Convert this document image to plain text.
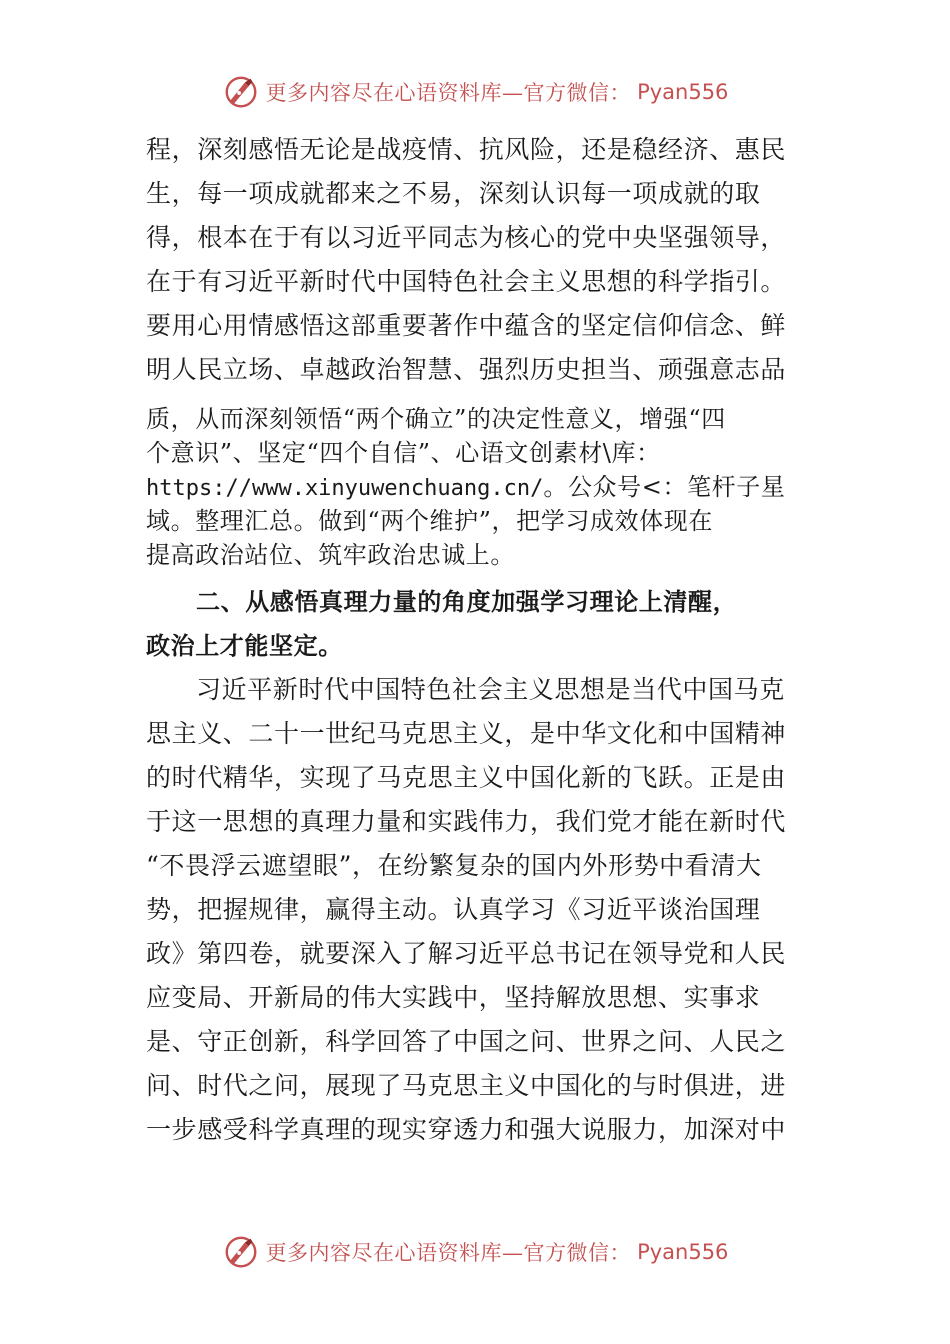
更多内容尽在心语资料库—官方微信： Pyan556
程，深刻感悟无论是战疫情、抗风险，还是稳经济、惠民
生，每一项成就都来之不易，深刻认识每一项成就的取
得，根本在于有以习近平同志为核心的党中央坚强领导，
在于有习近平新时代中国特色社会主义思想的科学指引。
要用心用情感悟这部重要著作中蕴含的坚定信仰信念、鲜
明人民立场、卓越政治智慧、强烈历史担当、顽强意志品
质，从而深刻领悟“两个确立”的决定性意义，增强“四
个意识”、坚定“四个自信”、心语文创素材\库：
https://www.xinyuwenchuang.cn/。公众号<：笔杆子星
域。整理汇总。做到“两个维护”，把学习成效体现在
提高政治站位、筑牢政治忠诚上。
二、从感悟真理力量的角度加强学习理论上清醒，
政治上才能坚定。
习近平新时代中国特色社会主义思想是当代中国马克
思主义、二十一世纪马克思主义，是中华文化和中国精神
的时代精华，实现了马克思主义中国化新的飞跃。正是由
于这一思想的真理力量和实践伟力，我们党才能在新时代
“不畏浮云遮望眼”，在纷繁复杂的国内外形势中看清大
势，把握规律，赢得主动。认真学习《习近平谈治国理
政》第四卷，就要深入了解习近平总书记在领导党和人民
应变局、开新局的伟大实践中，坚持解放思想、实事求
是、守正创新，科学回答了中国之问、世界之问、人民之
问、时代之问，展现了马克思主义中国化的与时俱进，进
一步感受科学真理的现实穿透力和强大说服力，加深对中
更多内容尽在心语资料库—官方微信： Pyan556
